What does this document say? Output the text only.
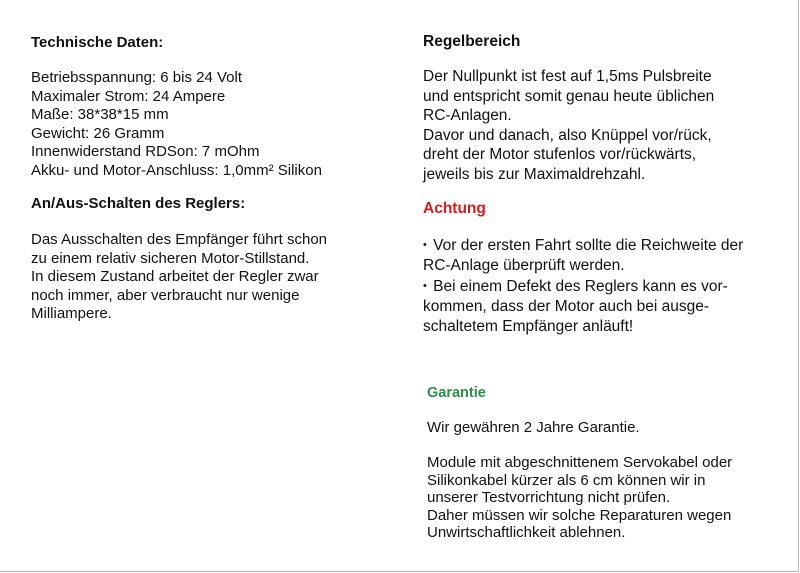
Technische Daten:

Betriebsspannung: 6 bis 24 Volt
Maximaler Strom: 24 Ampere
Maße: 38*38*15 mm
Gewicht: 26 Gramm
Innenwiderstand RDSon: 7 mOhm
Akku- und Motor-Anschluss: 1,0mm² Silikon

An/Aus-Schalten des Reglers:

Das Ausschalten des Empfänger führt schon
zu einem relativ sicheren Motor-Stillstand.
In diesem Zustand arbeitet der Regler zwar
noch immer, aber verbraucht nur wenige
Milliampere.

Regelbereich

Der Nullpunkt ist fest auf 1,5ms Pulsbreite
und entspricht somit genau heute üblichen
RC-Anlagen.
Davor und danach, also Knüppel vor/rück,
dreht der Motor stufenlos vor/rückwärts,
jeweils bis zur Maximaldrehzahl.

Achtung
• Vor der ersten Fahrt sollte die Reichweite der
RC-Anlage überprüft werden.
• Bei einem Defekt des Reglers kann es vor-
kommen, dass der Motor auch bei ausge-
schaltetem Empfänger anläuft!
Garantie

Wir gewähren 2 Jahre Garantie.

Module mit abgeschnittenem Servokabel oder
Silikonkabel kürzer als 6 cm können wir in
unserer Testvorrichtung nicht prüfen.
Daher müssen wir solche Reparaturen wegen
Unwirtschaftlichkeit ablehnen.
